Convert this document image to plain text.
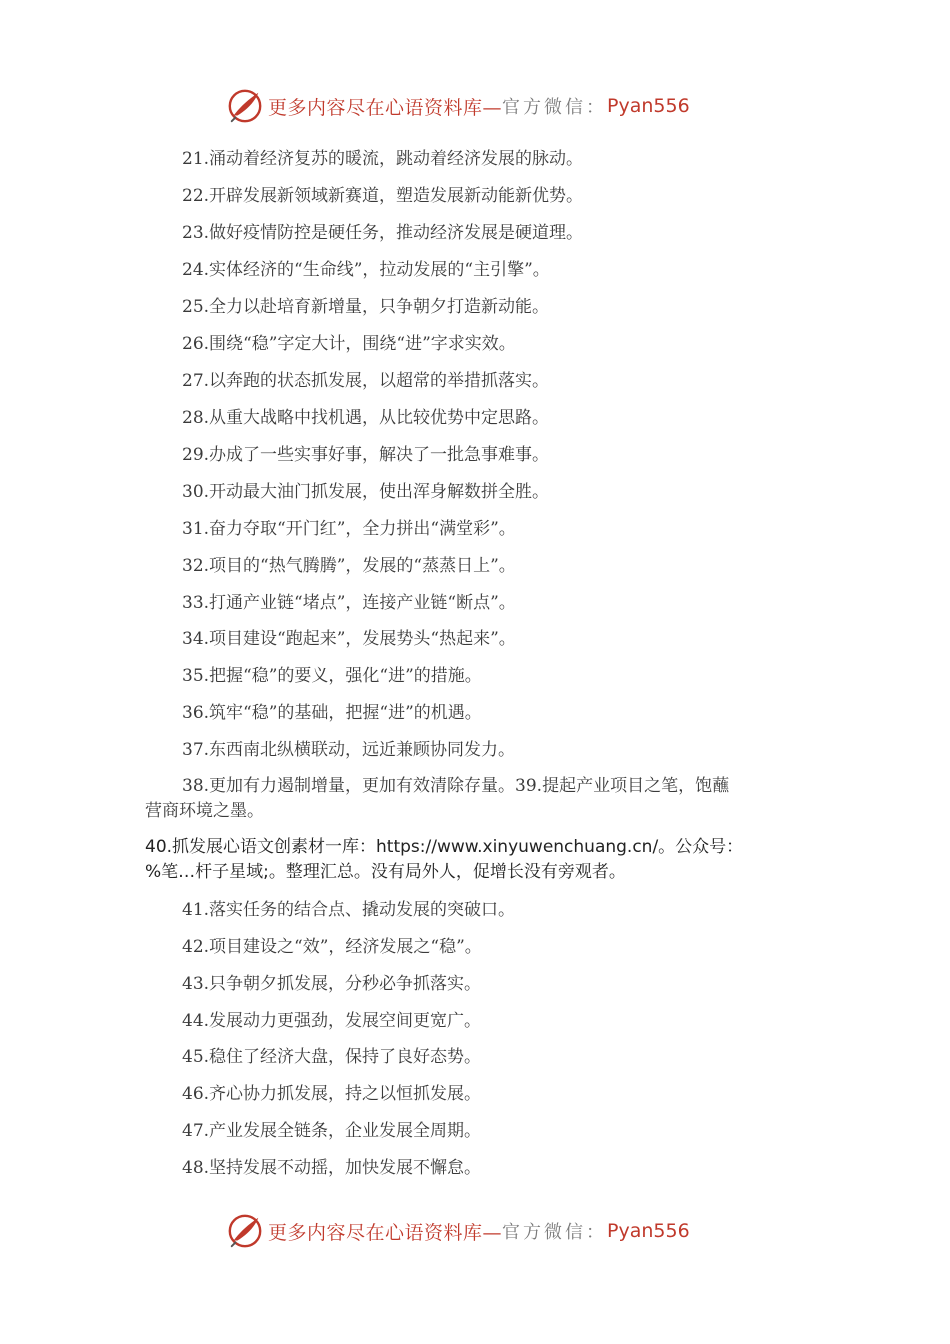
更多内容尽在心语资料库— 官方微信： Pyan556
21.涌动着经济复苏的暖流，跳动着经济发展的脉动。
22.开辟发展新领域新赛道，塑造发展新动能新优势。
23.做好疫情防控是硬任务，推动经济发展是硬道理。
24.实体经济的“生命线”，拉动发展的“主引擎”。
25.全力以赴培育新增量，只争朝夕打造新动能。
26.围绕“稳”字定大计，围绕“进”字求实效。
27.以奔跑的状态抓发展，以超常的举措抓落实。
28.从重大战略中找机遇，从比较优势中定思路。
29.办成了一些实事好事，解决了一批急事难事。
30.开动最大油门抓发展，使出浑身解数拼全胜。
31.奋力夺取“开门红”，全力拼出“满堂彩”。
32.项目的“热气腾腾”，发展的“蒸蒸日上”。
33.打通产业链“堵点”，连接产业链“断点”。
34.项目建设“跑起来”，发展势头“热起来”。
35.把握“稳”的要义，强化“进”的措施。
36.筑牢“稳”的基础，把握“进”的机遇。
37.东西南北纵横联动，远近兼顾协同发力。
38.更加有力遏制增量，更加有效清除存量。39.提起产业项目之笔，饱蘸
营商环境之墨。
40.抓发展心语文创素材一库：https://www.xinyuwenchuang.cn/。公众号：
%笔…杆子星域;。整理汇总。没有局外人，促增长没有旁观者。
41.落实任务的结合点、撬动发展的突破口。
42.项目建设之“效”，经济发展之“稳”。
43.只争朝夕抓发展，分秒必争抓落实。
44.发展动力更强劲，发展空间更宽广。
45.稳住了经济大盘，保持了良好态势。
46.齐心协力抓发展，持之以恒抓发展。
47.产业发展全链条，企业发展全周期。
48.坚持发展不动摇，加快发展不懈怠。
更多内容尽在心语资料库— 官方微信： Pyan556
